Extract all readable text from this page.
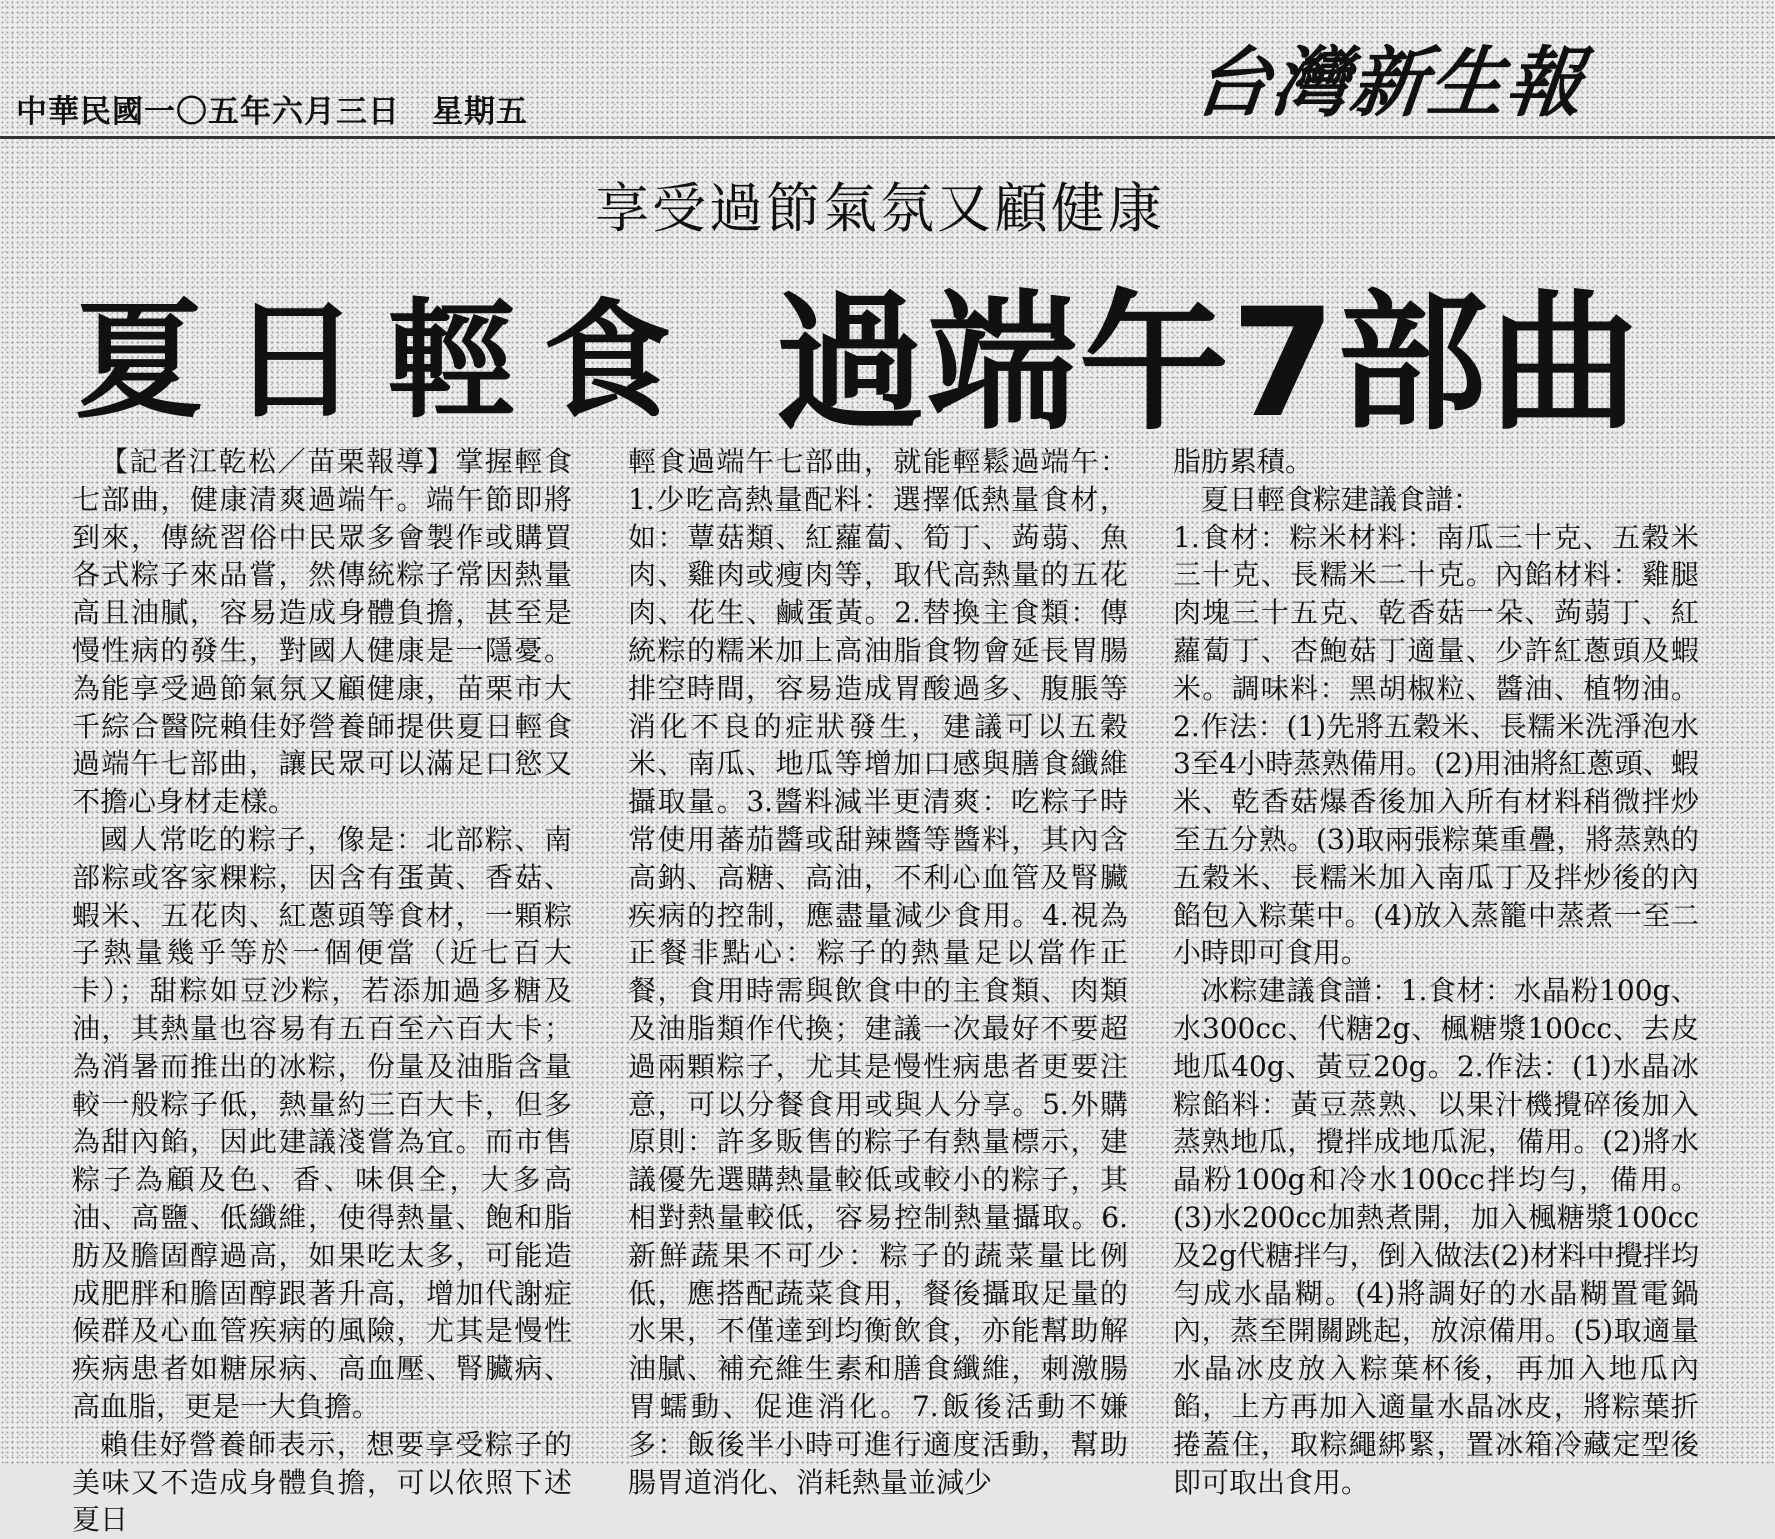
中華民國一〇五年六月三日　星期五	台灣新生報
享受過節氣氛又顧健康
夏日輕食 過端午7部曲

【記者江乾松／苗栗報導】掌握輕食七部曲，健康清爽過端午。端午節即將到來，傳統習俗中民眾多會製作或購買各式粽子來品嘗，然傳統粽子常因熱量高且油膩，容易造成身體負擔，甚至是慢性病的發生，對國人健康是一隱憂。為能享受過節氣氛又顧健康，苗栗市大千綜合醫院賴佳妤營養師提供夏日輕食過端午七部曲，讓民眾可以滿足口慾又不擔心身材走樣。

國人常吃的粽子，像是：北部粽、南部粽或客家粿粽，因含有蛋黃、香菇、蝦米、五花肉、紅蔥頭等食材，一顆粽子熱量幾乎等於一個便當（近七百大卡）；甜粽如豆沙粽，若添加過多糖及油，其熱量也容易有五百至六百大卡；為消暑而推出的冰粽，份量及油脂含量較一般粽子低，熱量約三百大卡，但多為甜內餡，因此建議淺嘗為宜。而市售粽子為顧及色、香、味俱全，大多高油、高鹽、低纖維，使得熱量、飽和脂肪及膽固醇過高，如果吃太多，可能造成肥胖和膽固醇跟著升高，增加代謝症候群及心血管疾病的風險，尤其是慢性疾病患者如糖尿病、高血壓、腎臟病、高血脂，更是一大負擔。

賴佳妤營養師表示，想要享受粽子的美味又不造成身體負擔，可以依照下述夏日

輕食過端午七部曲，就能輕鬆過端午：1.少吃高熱量配料：選擇低熱量食材，如：蕈菇類、紅蘿蔔、筍丁、蒟蒻、魚肉、雞肉或瘦肉等，取代高熱量的五花肉、花生、鹹蛋黃。2.替換主食類：傳統粽的糯米加上高油脂食物會延長胃腸排空時間，容易造成胃酸過多、腹脹等消化不良的症狀發生，建議可以五穀米、南瓜、地瓜等增加口感與膳食纖維攝取量。3.醬料減半更清爽：吃粽子時常使用蕃茄醬或甜辣醬等醬料，其內含高鈉、高糖、高油，不利心血管及腎臟疾病的控制，應盡量減少食用。4.視為正餐非點心：粽子的熱量足以當作正餐，食用時需與飲食中的主食類、肉類及油脂類作代換；建議一次最好不要超過兩顆粽子，尤其是慢性病患者更要注意，可以分餐食用或與人分享。5.外購原則：許多販售的粽子有熱量標示，建議優先選購熱量較低或較小的粽子，其相對熱量較低，容易控制熱量攝取。6.新鮮蔬果不可少：粽子的蔬菜量比例低，應搭配蔬菜食用，餐後攝取足量的水果，不僅達到均衡飲食，亦能幫助解油膩、補充維生素和膳食纖維，刺激腸胃蠕動、促進消化。7.飯後活動不嫌多：飯後半小時可進行適度活動，幫助腸胃道消化、消耗熱量並減少

脂肪累積。

夏日輕食粽建議食譜：

1.食材：粽米材料：南瓜三十克、五穀米三十克、長糯米二十克。內餡材料：雞腿肉塊三十五克、乾香菇一朵、蒟蒻丁、紅蘿蔔丁、杏鮑菇丁適量、少許紅蔥頭及蝦米。調味料：黑胡椒粒、醬油、植物油。2.作法：(1)先將五穀米、長糯米洗淨泡水3至4小時蒸熟備用。(2)用油將紅蔥頭、蝦米、乾香菇爆香後加入所有材料稍微拌炒至五分熟。(3)取兩張粽葉重疊，將蒸熟的五穀米、長糯米加入南瓜丁及拌炒後的內餡包入粽葉中。(4)放入蒸籠中蒸煮一至二小時即可食用。

冰粽建議食譜：1.食材：水晶粉100g、水300cc、代糖2g、楓糖漿100cc、去皮地瓜40g、黃豆20g。2.作法：(1)水晶冰粽餡料：黃豆蒸熟、以果汁機攪碎後加入蒸熟地瓜，攪拌成地瓜泥，備用。(2)將水晶粉100g和冷水100cc拌均勻，備用。(3)水200cc加熱煮開，加入楓糖漿100cc及2g代糖拌勻，倒入做法(2)材料中攪拌均勻成水晶糊。(4)將調好的水晶糊置電鍋內，蒸至開關跳起，放涼備用。(5)取適量水晶冰皮放入粽葉杯後，再加入地瓜內餡，上方再加入適量水晶冰皮，將粽葉折捲蓋住，取粽繩綁緊，置冰箱冷藏定型後即可取出食用。
